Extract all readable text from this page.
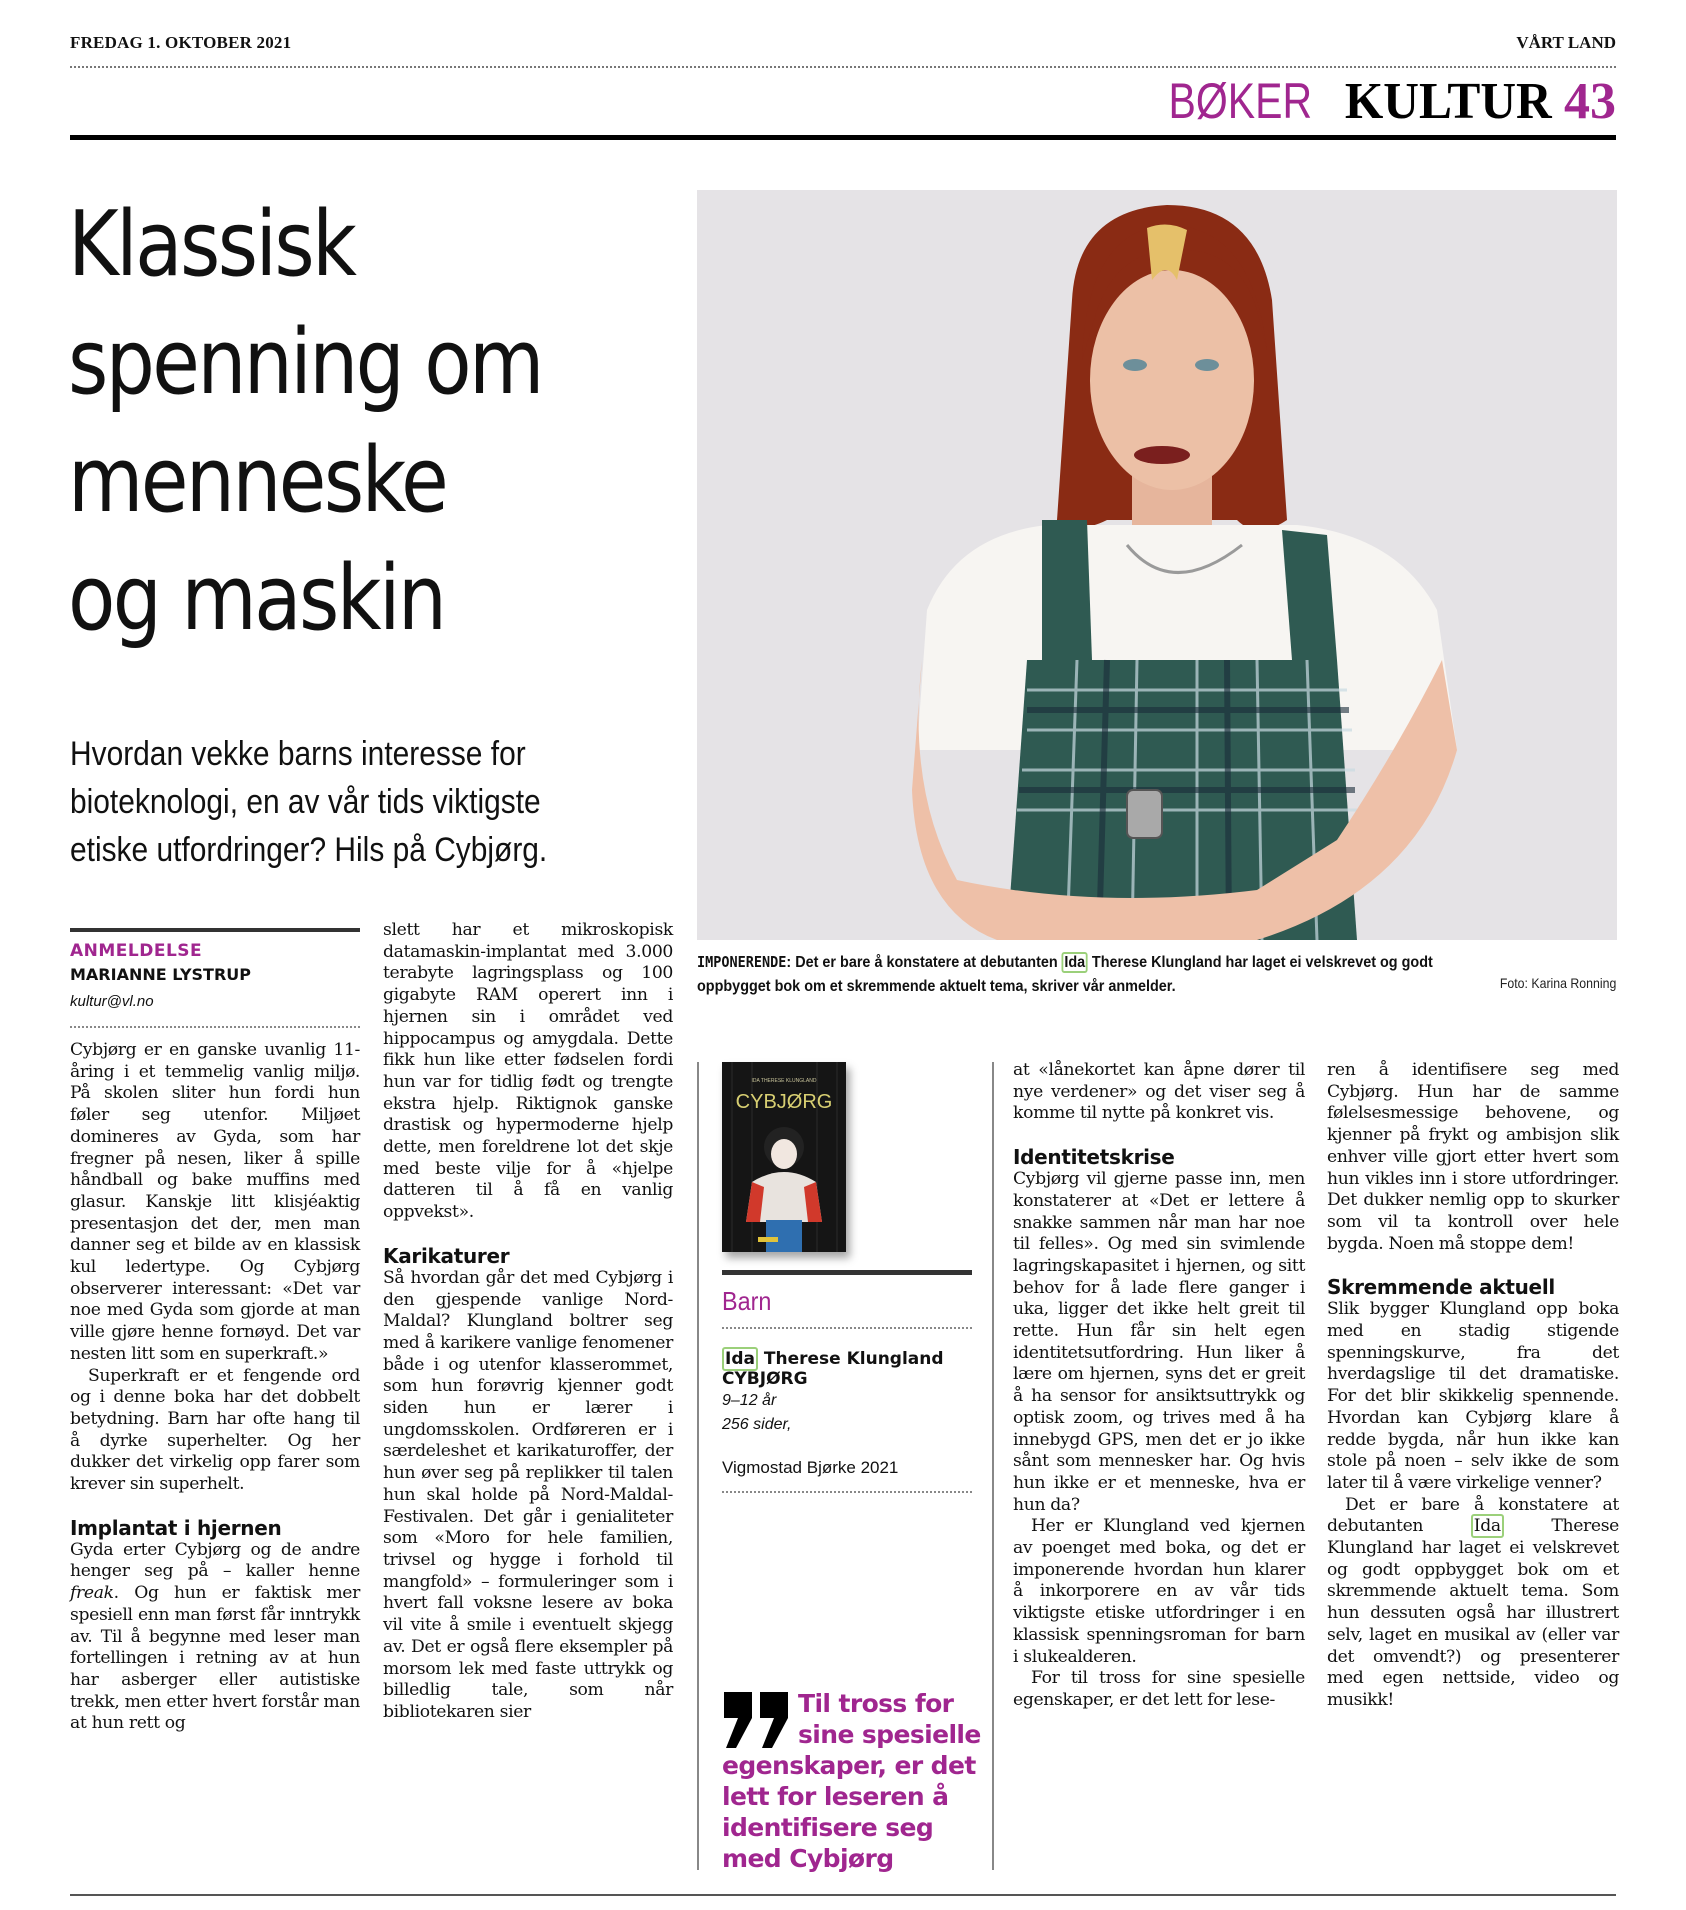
FREDAG 1. OKTOBER 2021	VÅRT LAND
BØKER KULTUR 43
Klassisk
spenning om
menneske
og maskin
Hvordan vekke barns interesse for
bioteknologi, en av vår tids viktigste
etiske utfordringer? Hils på Cybjørg.
IMPONERENDE: Det er bare å konstatere at debutanten Ida Therese Klungland har laget ei velskrevet og godt
oppbygget bok om et skremmende aktuelt tema, skriver vår anmelder.	Foto: Karina Ronning
ANMELDELSE
MARIANNE LYSTRUP
kultur@vl.no

Cybjørg er en ganske uvanlig 11-åring i et temmelig vanlig miljø. På skolen sliter hun fordi hun føler seg utenfor. Miljøet domineres av Gyda, som har fregner på nesen, liker å spille håndball og bake muffins med glasur. Kanskje litt klisjéaktig presentasjon det der, men man danner seg et bilde av en klassisk kul ledertype. Og Cybjørg observerer interessant: «Det var noe med Gyda som gjorde at man ville gjøre henne fornøyd. Det var nesten litt som en superkraft.»

Superkraft er et fengende ord og i denne boka har det dobbelt betydning. Barn har ofte hang til å dyrke superhelter. Og her dukker det virkelig opp farer som krever sin superhelt.

Implantat i hjernen

Gyda erter Cybjørg og de andre henger seg på – kaller henne freak. Og hun er faktisk mer spesiell enn man først får inntrykk av. Til å begynne med leser man fortellingen i retning av at hun har asberger eller autistiske trekk, men etter hvert forstår man at hun rett og

slett har et mikroskopisk datamaskin-implantat med 3.000 terabyte lagringsplass og 100 gigabyte RAM operert inn i hjernen sin i området ved hippocampus og amygdala. Dette fikk hun like etter fødselen fordi hun var for tidlig født og trengte ekstra hjelp. Riktignok ganske drastisk og hypermoderne hjelp dette, men foreldrene lot det skje med beste vilje for å «hjelpe datteren til å få en vanlig oppvekst».

Karikaturer

Så hvordan går det med Cybjørg i den gjespende vanlige Nord-Maldal? Klungland boltrer seg med å karikere vanlige fenomener både i og utenfor klasserommet, som hun forøvrig kjenner godt siden hun er lærer i ungdomsskolen. Ordføreren er i særdeleshet et karikaturoffer, der hun øver seg på replikker til talen hun skal holde på Nord-Maldal-Festivalen. Det går i genialiteter som «Moro for hele familien, trivsel og hygge i forhold til mangfold» – formuleringer som i hvert fall voksne lesere av boka vil vite å smile i eventuelt skjegg av. Det er også flere eksempler på morsom lek med faste uttrykk og billedlig tale, som når bibliotekaren sier

IDA THERESE KLUNGLAND
CYBJØRG
Barn
Ida Therese Klungland
CYBJØRG
9–12 år
256 sider,
Vigmostad Bjørke 2021
Til tross for sine spesielle egenskaper, er det lett for leseren å identifisere seg med Cybjørg

at «lånekortet kan åpne dører til nye verdener» og det viser seg å komme til nytte på konkret vis.

Identitetskrise

Cybjørg vil gjerne passe inn, men konstaterer at «Det er lettere å snakke sammen når man har noe til felles». Og med sin svimlende lagringskapasitet i hjernen, og sitt behov for å lade flere ganger i uka, ligger det ikke helt greit til rette. Hun får sin helt egen identitetsutfordring. Hun liker å lære om hjernen, syns det er greit å ha sensor for ansiktsuttrykk og optisk zoom, og trives med å ha innebygd GPS, men det er jo ikke sånt som mennesker har. Og hvis hun ikke er et menneske, hva er hun da?

Her er Klungland ved kjernen av poenget med boka, og det er imponerende hvordan hun klarer å inkorporere en av vår tids viktigste etiske utfordringer i en klassisk spenningsroman for barn i slukealderen.

For til tross for sine spesielle egenskaper, er det lett for lese-

ren å identifisere seg med Cybjørg. Hun har de samme følelsesmessige behovene, og kjenner på frykt og ambisjon slik enhver ville gjort etter hvert som hun vikles inn i store utfordringer. Det dukker nemlig opp to skurker som vil ta kontroll over hele bygda. Noen må stoppe dem!

Skremmende aktuell

Slik bygger Klungland opp boka med en stadig stigende spenningskurve, fra det hverdagslige til det dramatiske. For det blir skikkelig spennende. Hvordan kan Cybjørg klare å redde bygda, når hun ikke kan stole på noen – selv ikke de som later til å være virkelige venner?

Det er bare å konstatere at debutanten Ida Therese Klungland har laget ei velskrevet og godt oppbygget bok om et skremmende aktuelt tema. Som hun dessuten også har illustrert selv, laget en musikal av (eller var det omvendt?) og presenterer med egen nettside, video og musikk!
